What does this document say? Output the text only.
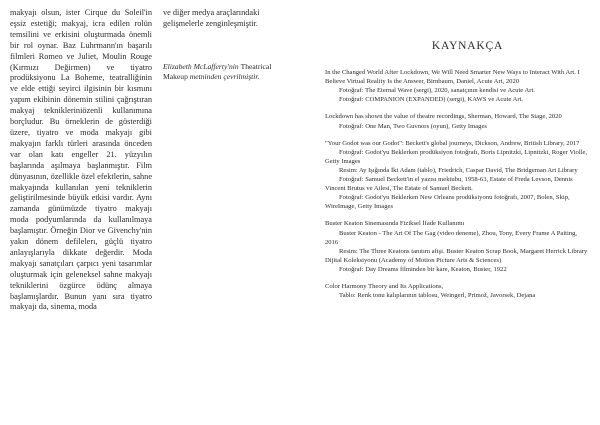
makyajı olsun, ister Cirque du Soleil'in eşsiz estetiği; makyaj, icra edilen rolün temsilini ve erkisini oluşturmada önemli bir rol oynar. Baz Luhrmann'ın başarılı filmleri Romeo ve Juliet, Moulin Rouge (Kırmızı Değirmen) ve tiyatro prodüksiyonu La Boheme, teatralliğinin ve elde ettiği seyirci ilgisinin bir kısmını yapım ekibinin dönemin stilini çağrıştıran makyaj teknikleriniözenli kullanımına borçludur. Bu örneklerin de gösterdiği üzere, tiyatro ve moda makyajı gibi makyajın farklı türleri arasında önceden var olan katı engeller 21. yüzyılın başlarında aşılmaya başlanmıştır. Film dünyasının, özellikle özel efektlerin, sahne makyajında kullanılan yeni tekniklerin geliştirilmesinde büyük etkisi vardır. Aynı zamanda günümüzde tiyatro makyajı moda podyumlarında da kullanılmaya başlamıştır. Örneğin Dior ve Givenchy'nin yakın dönem defilelerı, güçlü tiyatro anlayışlarıyla dikkate değerdir. Moda makyajı sanatçıları çarpıcı yeni tasarımlar oluşturmak için geleneksel sahne makyajı tekniklerini özgürce ödünç almaya başlamışlardır. Bunun yanı sıra tiyatro makyajı da, sinema, moda
ve diğer medya araçlarındaki gelişmelerle zenginleşmiştir.
Elizabeth McLafferty'nin Theatrical Makeup metninden çevrilmiştir.
KAYNAKÇA
In the Changed World After Lockdown, We Will Need Smarter New Ways to Interact With Art. I Believe Virtual Reality Is the Answer, Birnbaum, Daniel, Acute Art, 2020
Fotoğraf: The Eternal Wave (sergi), 2020, sanatçının kendisi ve Acute Art.
Fotoğraf: COMPANION (EXPANDED) (sergi), KAWS ve Acute Art.
Lockdown has shown the value of theatre recordings, Sherman, Howard, The Stage, 2020
Fotoğraf: One Man, Two Guvnors (oyun), Getty Images
"Your Godot was our Godot": Beckett's global journeys, Dickson, Andrew, British Library, 2017
Fotoğraf: Godot'yu Beklerken prodüksiyon fotoğrafı, Boris Lipnitzki, Lipnitzki, Roger Violle, Getty Images
Resim: Ay Işığında İki Adam (tablo), Friedrich, Caspar David, The Bridgeman Art Library
Fotoğraf: Samuel Beckett'in el yazısı mektubu, 1958-63, Estate of Freda Levson, Dennis Vincent Brutus ve Ailesi, The Estate of Samuel Beckett.
Fotoğraf: Godot'yu Beklerken New Orleans prodüksiyonu fotoğrafı, 2007, Bolen, Skip, WireImage, Getty Images
Buster Keaton Sinemasında Fiziksel İfade Kullanımı
Buster Keaton - The Art Of The Gag (video deneme), Zhou, Tony, Every Frame A Paiting, 2016
Resim: The Three Keatons tanıtım afişi. Buster Keaton Scrap Book, Margaret Herrick Library Dijital Koleksiyonu (Academy of Motion Picture Arts & Sciences)
Fotoğraf: Day Dreams filminden bir kare, Keaton, Buster, 1922
Color Harmony Theory and Its Applications,
Tablo: Renk tonu kalıplarının tablosu, Weingerl, Primož, Javorsek, Dejana
